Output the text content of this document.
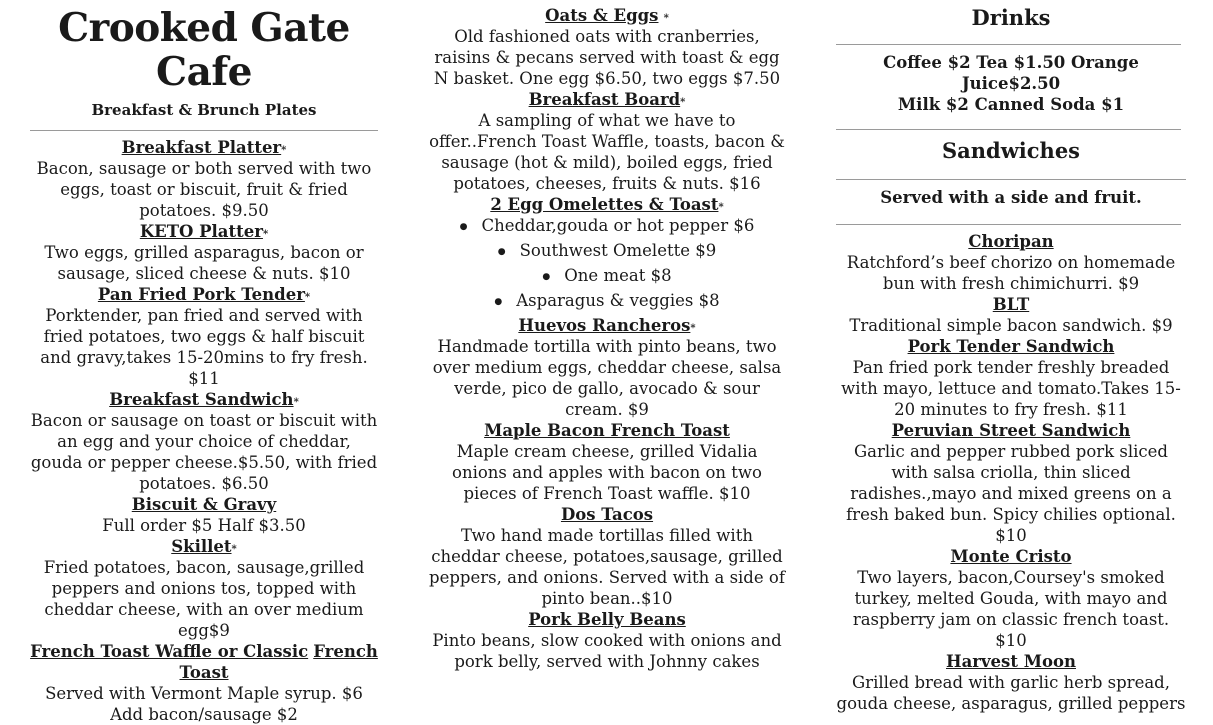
Crooked Gate Cafe
Breakfast & Brunch Plates
Breakfast Platter*

Bacon, sausage or both served with two eggs, toast or biscuit, fruit & fried potatoes. $9.50

KETO Platter*

Two eggs, grilled asparagus, bacon or sausage, sliced cheese & nuts. $10

Pan Fried Pork Tender*

Porktender, pan fried and served with fried potatoes, two eggs & half biscuit and gravy,takes 15-20mins to fry fresh. $11

Breakfast Sandwich*

Bacon or sausage on toast or biscuit with an egg and your choice of cheddar, gouda or pepper cheese.$5.50, with fried potatoes. $6.50

Biscuit & Gravy

Full order $5 Half $3.50

Skillet*

Fried potatoes, bacon, sausage,grilled peppers and onions tos, topped with cheddar cheese, with an over medium egg$9

French Toast Waffle or Classic French Toast

Served with Vermont Maple syrup. $6 Add bacon/sausage $2

Oats & Eggs *

Old fashioned oats with cranberries, raisins & pecans served with toast & egg N basket. One egg $6.50, two eggs $7.50

Breakfast Board*

A sampling of what we have to offer..French Toast Waffle, toasts, bacon & sausage (hot & mild), boiled eggs, fried potatoes, cheeses, fruits & nuts. $16

2 Egg Omelettes & Toast*
● Cheddar,gouda or hot pepper $6
● Southwest Omelette $9
● One meat $8
● Asparagus & veggies $8
Huevos Rancheros*

Handmade tortilla with pinto beans, two over medium eggs, cheddar cheese, salsa verde, pico de gallo, avocado & sour cream. $9

Maple Bacon French Toast

Maple cream cheese, grilled Vidalia onions and apples with bacon on two pieces of French Toast waffle. $10

Dos Tacos

Two hand made tortillas filled with cheddar cheese, potatoes,sausage, grilled peppers, and onions. Served with a side of pinto bean..$10

Pork Belly Beans

Pinto beans, slow cooked with onions and pork belly, served with Johnny cakes

Drinks
Coffee $2 Tea $1.50 Orange Juice$2.50
Milk $2 Canned Soda $1
Sandwiches
Served with a side and fruit.
Choripan

Ratchford’s beef chorizo on homemade bun with fresh chimichurri. $9

BLT

Traditional simple bacon sandwich. $9

Pork Tender Sandwich

Pan fried pork tender freshly breaded with mayo, lettuce and tomato.Takes 15-20 minutes to fry fresh. $11

Peruvian Street Sandwich

Garlic and pepper rubbed pork sliced with salsa criolla, thin sliced radishes.,mayo and mixed greens on a fresh baked bun. Spicy chilies optional. $10

Monte Cristo

Two layers, bacon,Coursey's smoked turkey, melted Gouda, with mayo and raspberry jam on classic french toast. $10

Harvest Moon

Grilled bread with garlic herb spread, gouda cheese, asparagus, grilled peppers
